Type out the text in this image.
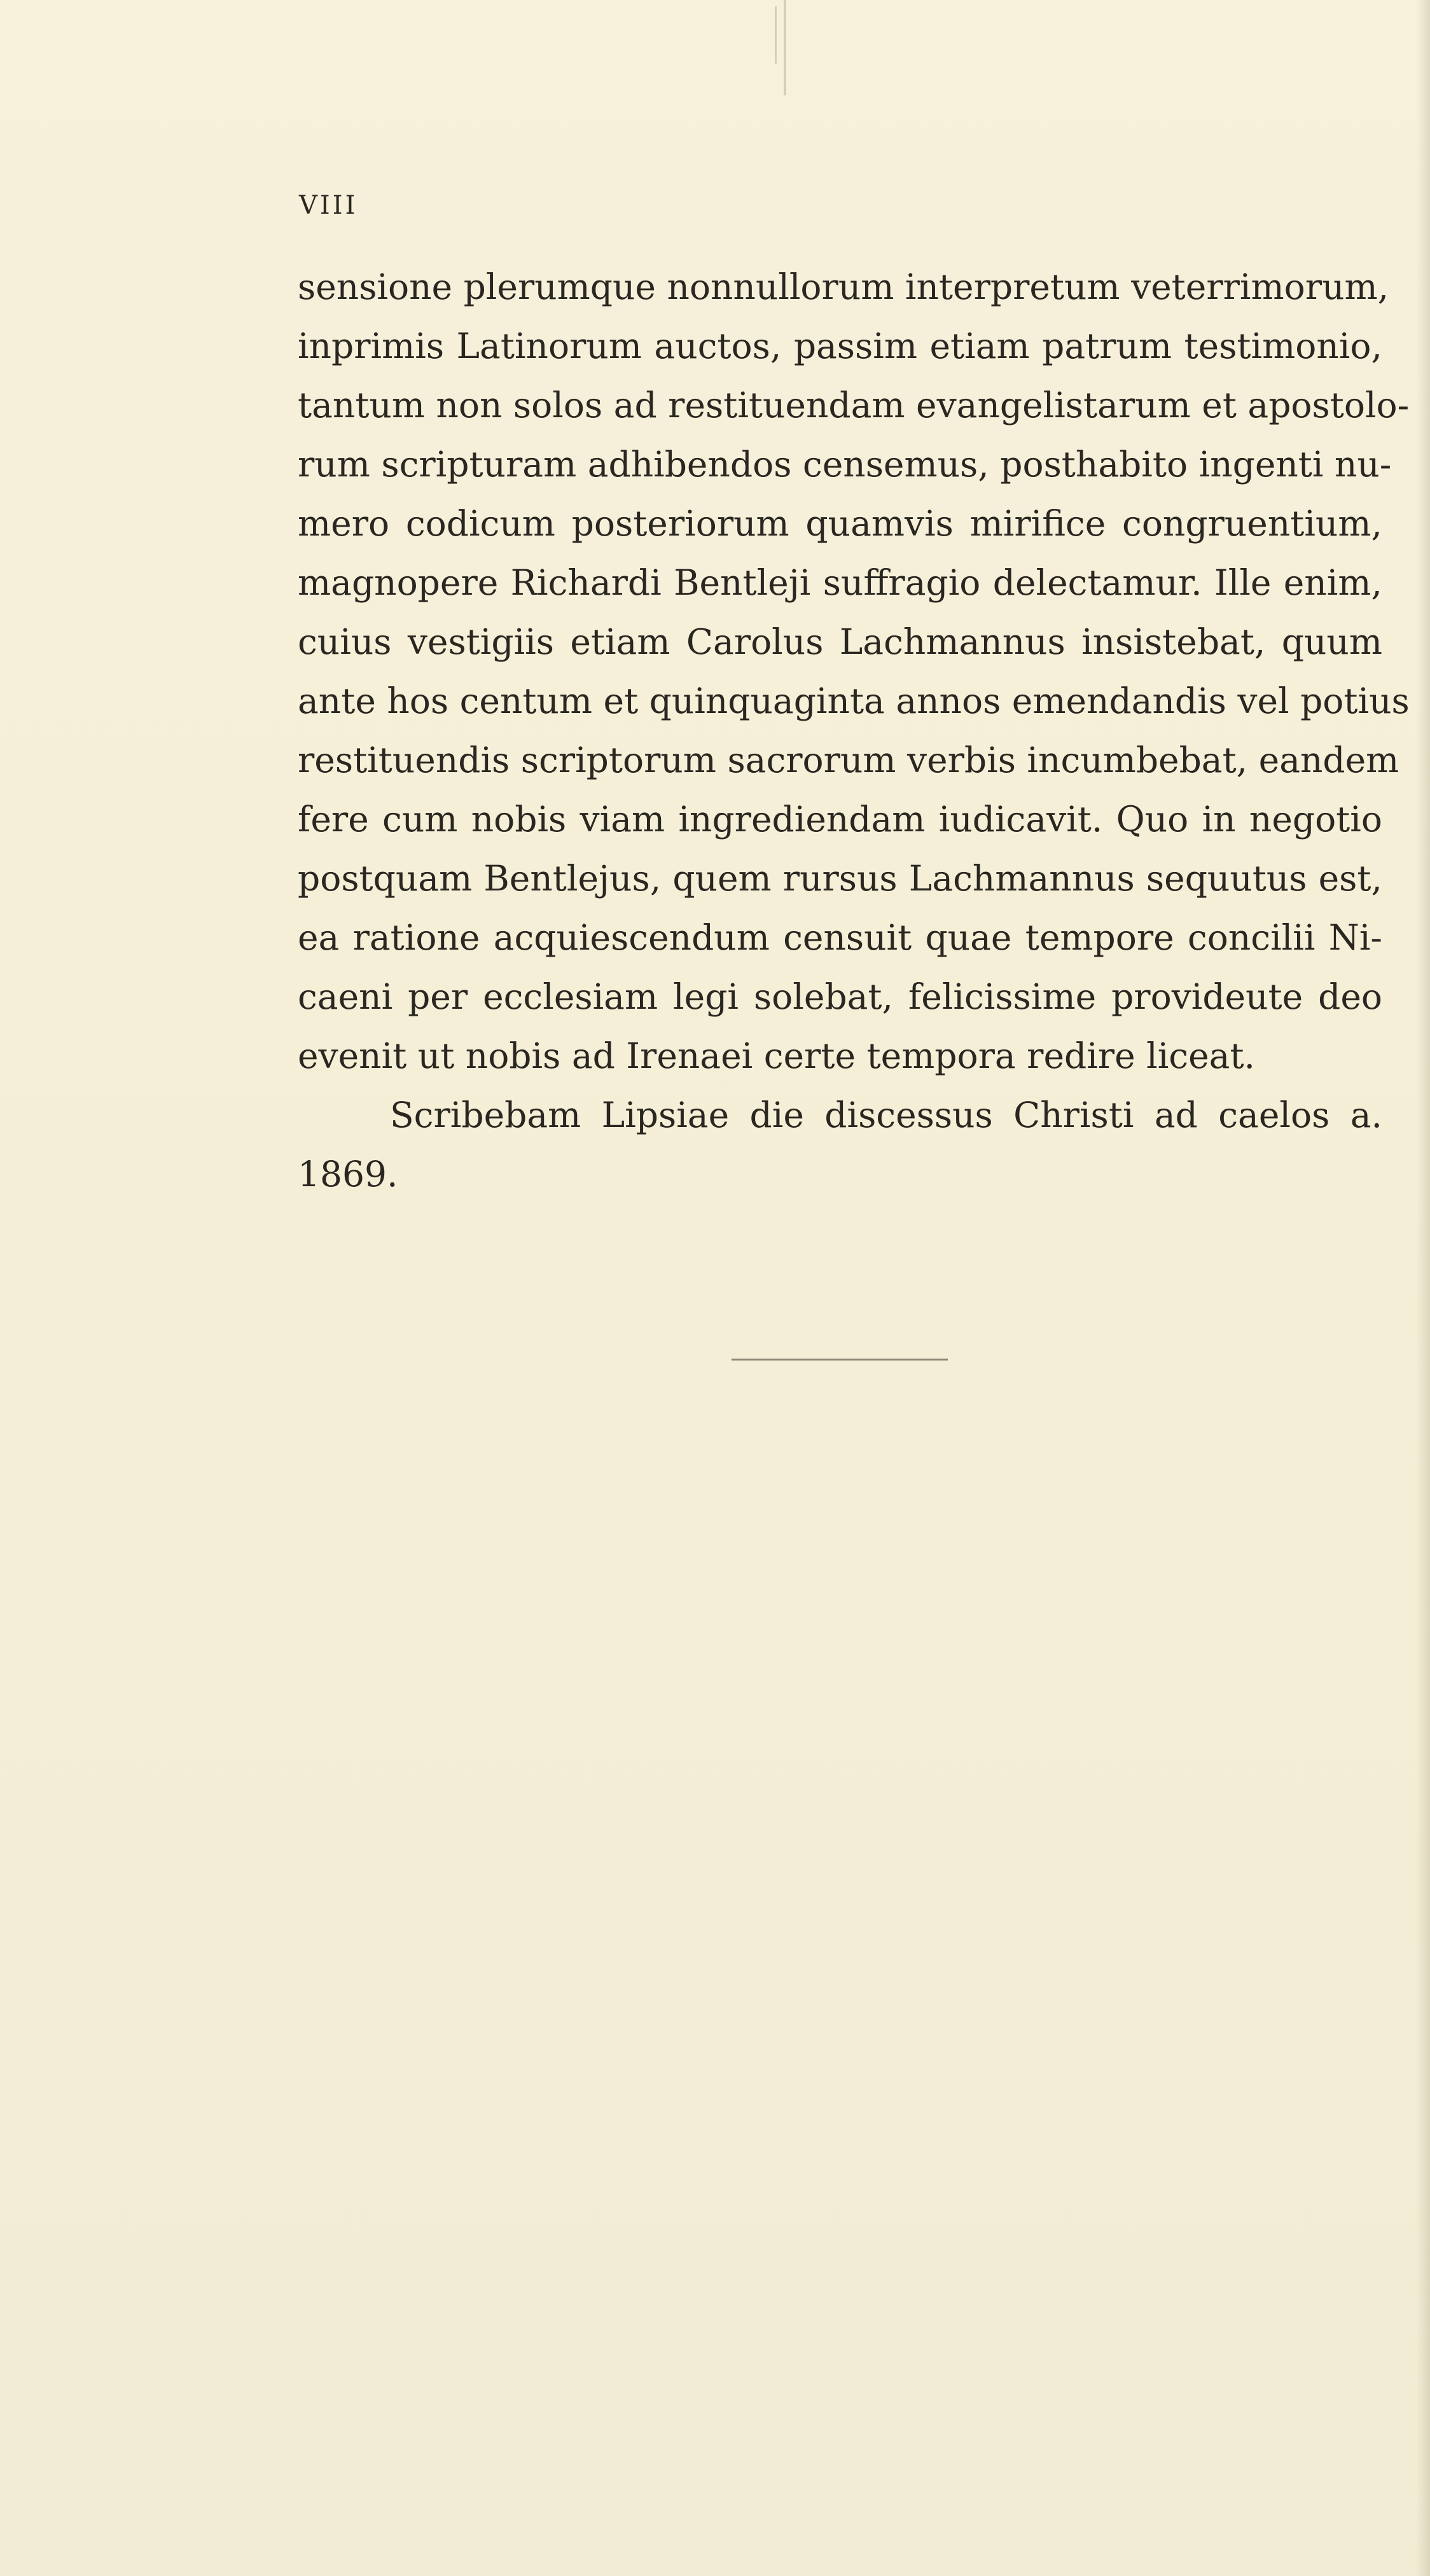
VIII
sensione plerumque nonnullorum interpretum veterrimorum,
inprimis Latinorum auctos, passim etiam patrum testimonio,
tantum non solos ad restituendam evangelistarum et apostolo-
rum scripturam adhibendos censemus, posthabito ingenti nu-
mero codicum posteriorum quamvis mirifice congruentium,
magnopere Richardi Bentleji suffragio delectamur. Ille enim,
cuius vestigiis etiam Carolus Lachmannus insistebat, quum
ante hos centum et quinquaginta annos emendandis vel potius
restituendis scriptorum sacrorum verbis incumbebat, eandem
fere cum nobis viam ingrediendam iudicavit. Quo in negotio
postquam Bentlejus, quem rursus Lachmannus sequutus est,
ea ratione acquiescendum censuit quae tempore concilii Ni-
caeni per ecclesiam legi solebat, felicissime provideute deo
evenit ut nobis ad Irenaei certe tempora redire liceat.
Scribebam Lipsiae die discessus Christi ad caelos a.
1869.
